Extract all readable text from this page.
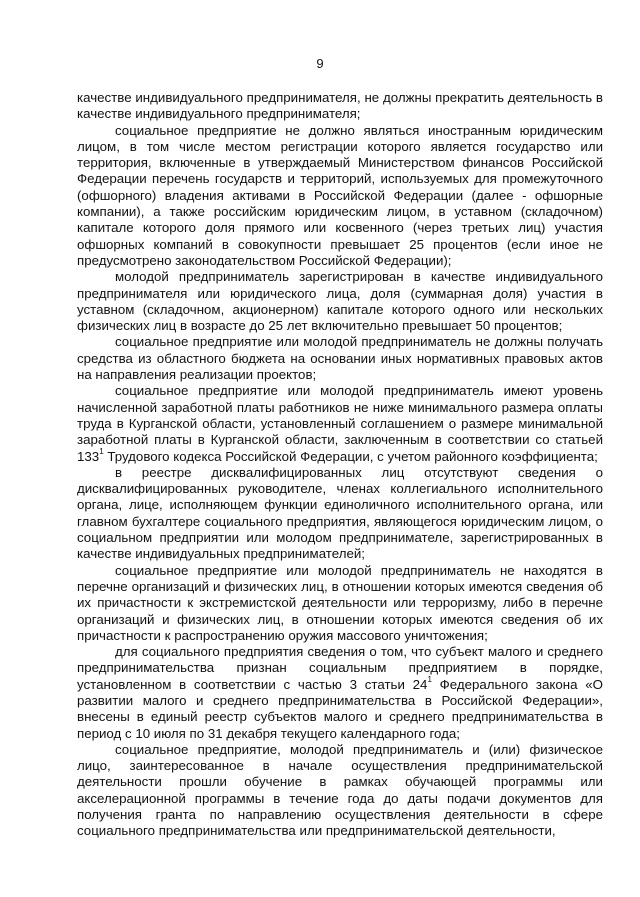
9

качестве индивидуального предпринимателя, не должны прекратить деятельность в качестве индивидуального предпринимателя;

социальное предприятие не должно являться иностранным юридическим лицом, в том числе местом регистрации которого является государство или территория, включенные в утверждаемый Министерством финансов Российской Федерации перечень государств и территорий, используемых для промежуточного (офшорного) владения активами в Российской Федерации (далее - офшорные компании), а также российским юридическим лицом, в уставном (складочном) капитале которого доля прямого или косвенного (через третьих лиц) участия офшорных компаний в совокупности превышает 25 процентов (если иное не предусмотрено законодательством Российской Федерации);

молодой предприниматель зарегистрирован в качестве индивидуального предпринимателя или юридического лица, доля (суммарная доля) участия в уставном (складочном, акционерном) капитале которого одного или нескольких физических лиц в возрасте до 25 лет включительно превышает 50 процентов;

социальное предприятие или молодой предприниматель не должны получать средства из областного бюджета на основании иных нормативных правовых актов на направления реализации проектов;

социальное предприятие или молодой предприниматель имеют уровень начисленной заработной платы работников не ниже минимального размера оплаты труда в Курганской области, установленный соглашением о размере минимальной заработной платы в Курганской области, заключенным в соответствии со статьей $133^1$ Трудового кодекса Российской Федерации, с учетом районного коэффициента;

в реестре дисквалифицированных лиц отсутствуют сведения о дисквалифицированных руководителе, членах коллегиального исполнительного органа, лице, исполняющем функции единоличного исполнительного органа, или главном бухгалтере социального предприятия, являющегося юридическим лицом, о социальном предприятии или молодом предпринимателе, зарегистрированных в качестве индивидуальных предпринимателей;

социальное предприятие или молодой предприниматель не находятся в перечне организаций и физических лиц, в отношении которых имеются сведения об их причастности к экстремистской деятельности или терроризму, либо в перечне организаций и физических лиц, в отношении которых имеются сведения об их причастности к распространению оружия массового уничтожения;

для социального предприятия сведения о том, что субъект малого и среднего предпринимательства признан социальным предприятием в порядке, установленном в соответствии с частью 3 статьи $24^1$ Федерального закона «О развитии малого и среднего предпринимательства в Российской Федерации», внесены в единый реестр субъектов малого и среднего предпринимательства в период с 10 июля по 31 декабря текущего календарного года;

социальное предприятие, молодой предприниматель и (или) физическое лицо, заинтересованное в начале осуществления предпринимательской деятельности прошли обучение в рамках обучающей программы или акселерационной программы в течение года до даты подачи документов для получения гранта по направлению осуществления деятельности в сфере социального предпринимательства или предпринимательской деятельности,
